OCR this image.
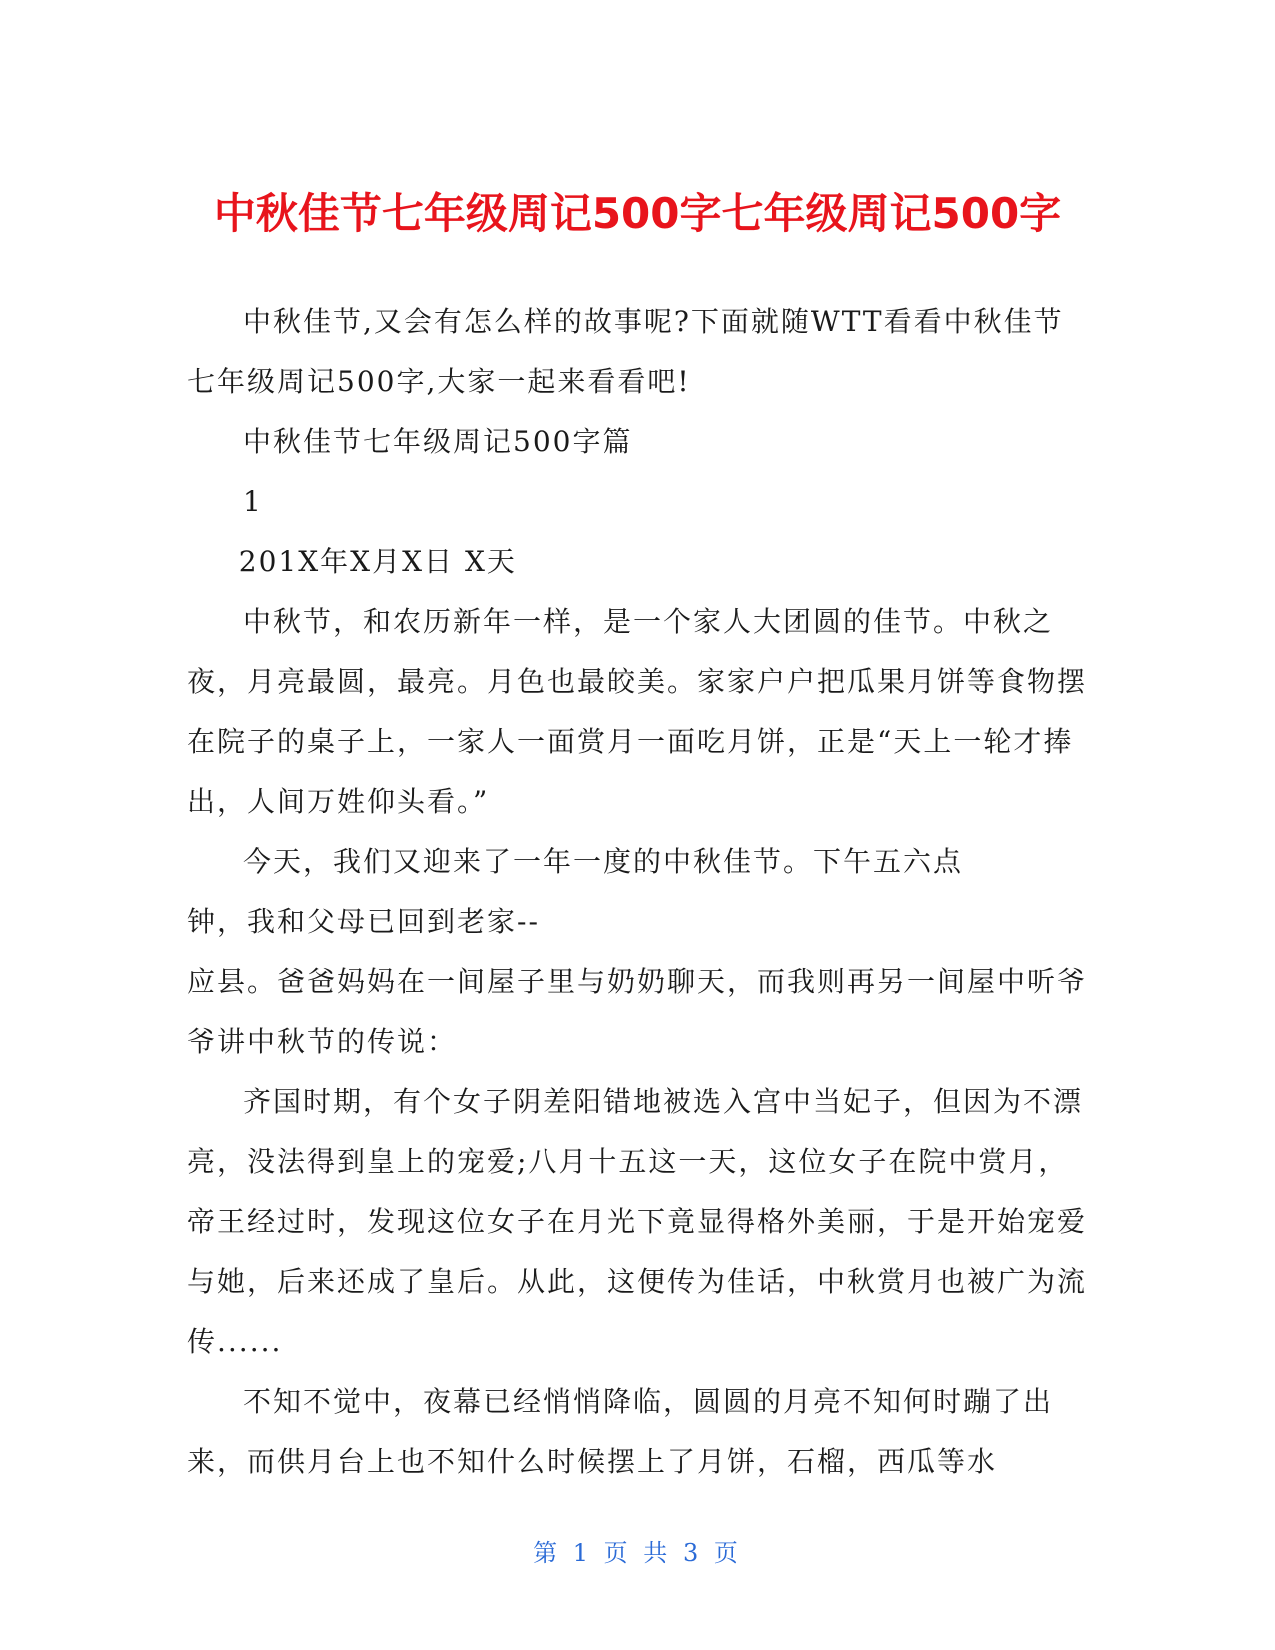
中秋佳节七年级周记500字七年级周记500字

中秋佳节,又会有怎么样的故事呢?下面就随WTT看看中秋佳节七年级周记500字,大家一起来看看吧!

中秋佳节七年级周记500字篇

1

201X年X月X日 X天

中秋节，和农历新年一样，是一个家人大团圆的佳节。中秋之夜，月亮最圆，最亮。月色也最皎美。家家户户把瓜果月饼等食物摆在院子的桌子上，一家人一面赏月一面吃月饼，正是“天上一轮才捧出，人间万姓仰头看。”

今天，我们又迎来了一年一度的中秋佳节。下午五六点钟，我和父母已回到老家--

应县。爸爸妈妈在一间屋子里与奶奶聊天，而我则再另一间屋中听爷爷讲中秋节的传说：

齐国时期，有个女子阴差阳错地被选入宫中当妃子，但因为不漂亮，没法得到皇上的宠爱;八月十五这一天，这位女子在院中赏月，帝王经过时，发现这位女子在月光下竟显得格外美丽，于是开始宠爱与她，后来还成了皇后。从此，这便传为佳话，中秋赏月也被广为流传......

不知不觉中，夜幕已经悄悄降临，圆圆的月亮不知何时蹦了出来，而供月台上也不知什么时候摆上了月饼，石榴，西瓜等水

第 1 页 共 3 页
